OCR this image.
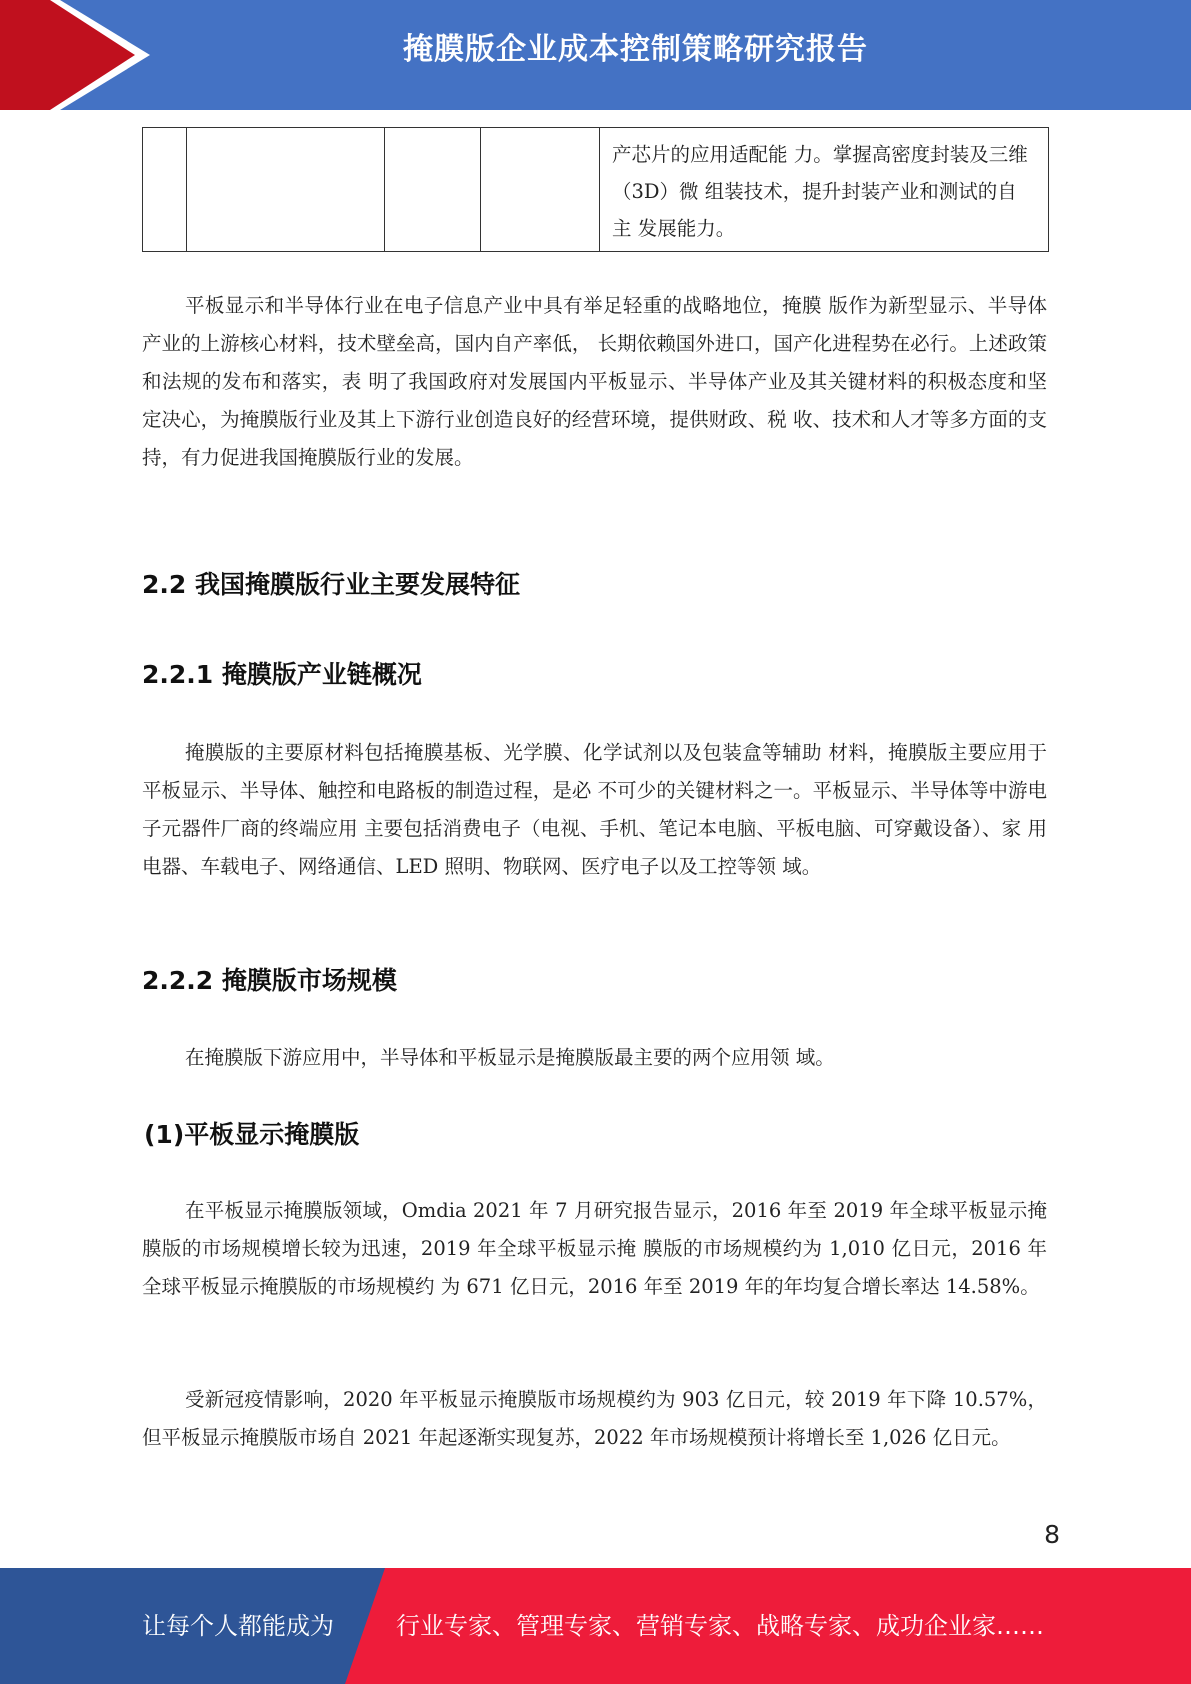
掩膜版企业成本控制策略研究报告
				产芯片的应用适配能 力。掌握高密度封装及三维（3D）微 组装技术，提升封装产业和测试的自主 发展能力。

平板显示和半导体行业在电子信息产业中具有举足轻重的战略地位，掩膜 版作为新型显示、半导体产业的上游核心材料，技术壁垒高，国内自产率低， 长期依赖国外进口，国产化进程势在必行。上述政策和法规的发布和落实，表 明了我国政府对发展国内平板显示、半导体产业及其关键材料的积极态度和坚 定决心，为掩膜版行业及其上下游行业创造良好的经营环境，提供财政、税 收、技术和人才等多方面的支持，有力促进我国掩膜版行业的发展。

2.2 我国掩膜版行业主要发展特征
2.2.1 掩膜版产业链概况

掩膜版的主要原材料包括掩膜基板、光学膜、化学试剂以及包装盒等辅助 材料，掩膜版主要应用于平板显示、半导体、触控和电路板的制造过程，是必 不可少的关键材料之一。平板显示、半导体等中游电子元器件厂商的终端应用 主要包括消费电子（电视、手机、笔记本电脑、平板电脑、可穿戴设备）、家 用电器、车载电子、网络通信、LED 照明、物联网、医疗电子以及工控等领 域。

2.2.2 掩膜版市场规模

在掩膜版下游应用中，半导体和平板显示是掩膜版最主要的两个应用领 域。

(1)平板显示掩膜版

在平板显示掩膜版领域，Omdia 2021 年 7 月研究报告显示，2016 年至 2019 年全球平板显示掩膜版的市场规模增长较为迅速，2019 年全球平板显示掩 膜版的市场规模约为 1,010 亿日元，2016 年全球平板显示掩膜版的市场规模约 为 671 亿日元，2016 年至 2019 年的年均复合增长率达 14.58%。

受新冠疫情影响，2020 年平板显示掩膜版市场规模约为 903 亿日元，较 2019 年下降 10.57%，但平板显示掩膜版市场自 2021 年起逐渐实现复苏，2022 年市场规模预计将增长至 1,026 亿日元。

8
让每个人都能成为	行业专家、管理专家、营销专家、战略专家、成功企业家……
